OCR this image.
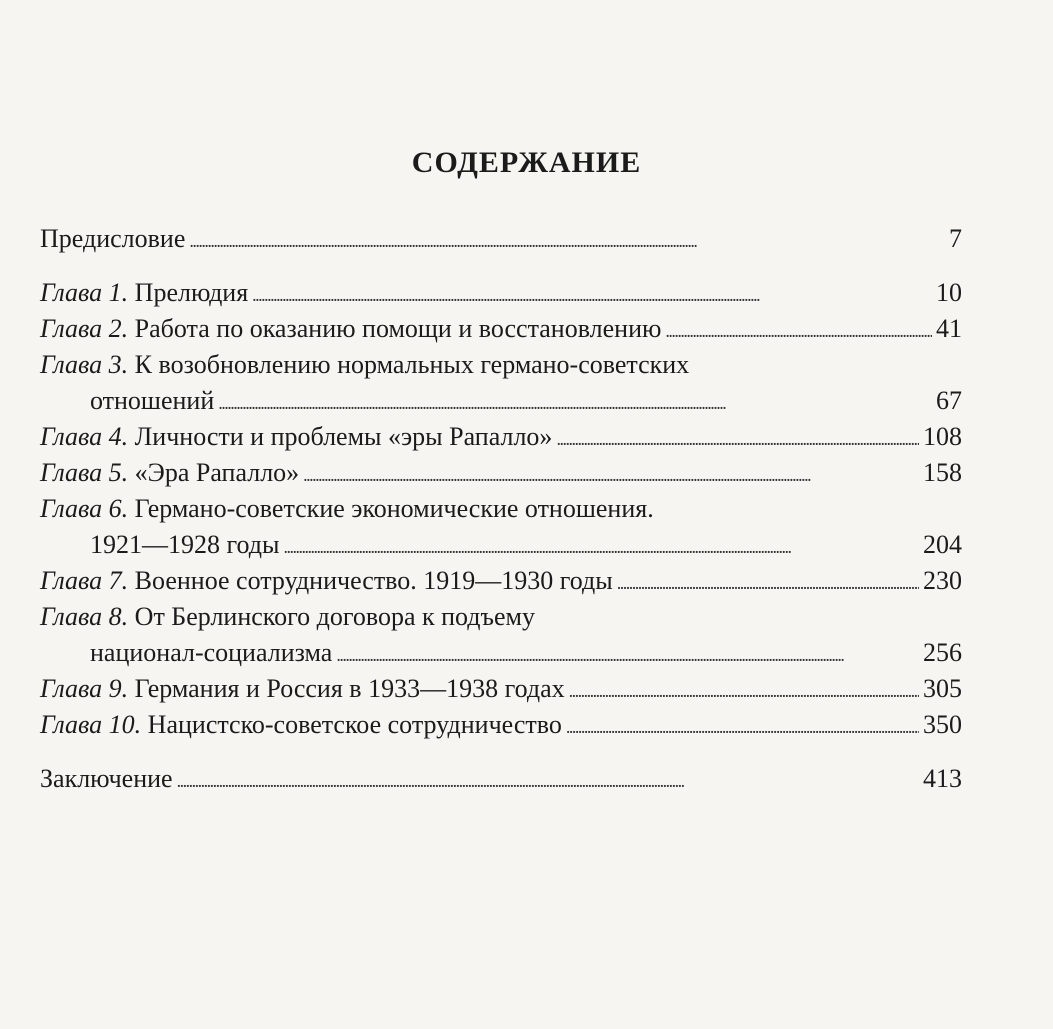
СОДЕРЖАНИЕ
Предисловие . . .	7
Глава 1.
Прелюдия . . .	10
Глава 2.
Работа по оказанию помощи и восстановлению . . .	41
Глава 3.
К возобновлению нормальных германо-советских
отношений . . .	67
Глава 4.
Личности и проблемы «эры Рапалло» . . .	108
Глава 5.
«Эра Рапалло» . . .	158
Глава 6.
Германо-советские экономические отношения.
1921—1928 годы . . .	204
Глава 7.
Военное сотрудничество. 1919—1930 годы . . .	230
Глава 8.
От Берлинского договора к подъему
национал-социализма . . .	256
Глава 9.
Германия и Россия в 1933—1938 годах . . .	305
Глава 10.
Нацистско-советское сотрудничество . . .	350
Заключение . . .	413
